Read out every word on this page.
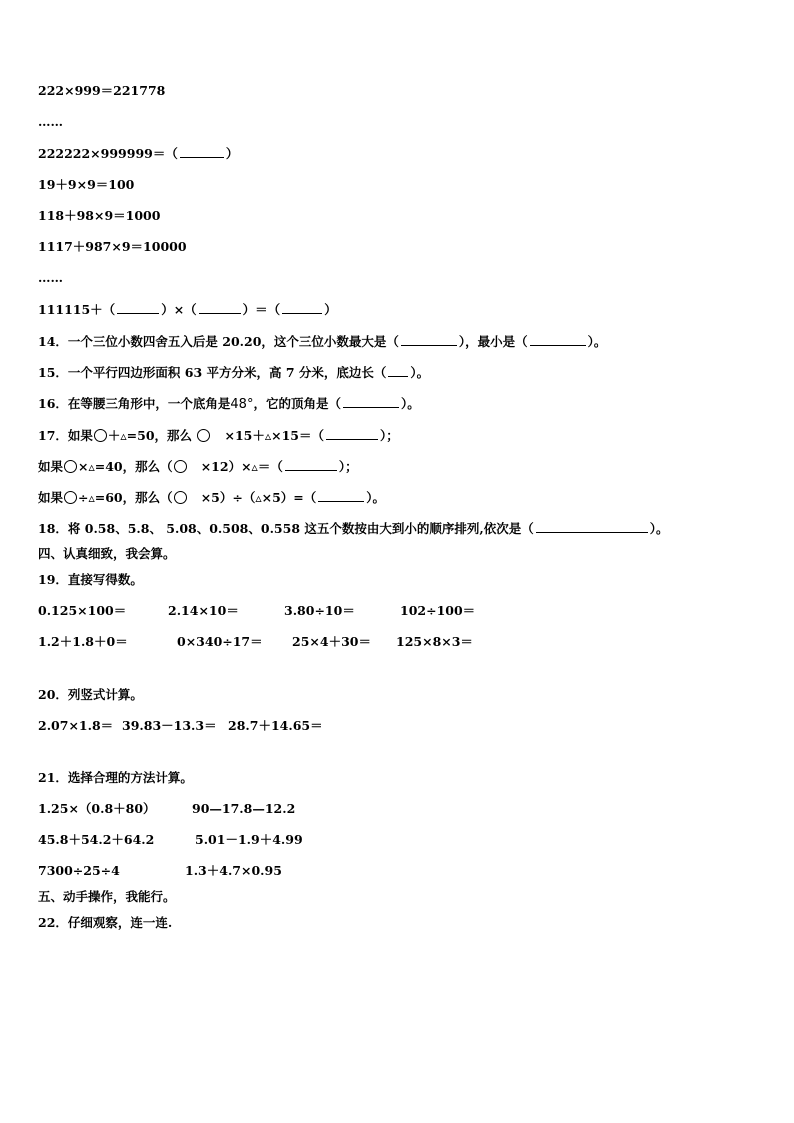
222×999＝221778
……
222222×999999＝（	）
19＋9×9＝100
118＋98×9＝1000
1117＋987×9＝10000
……
111115＋（	）×（	）＝（	）
14．一个三位小数四舍五入后是 20.20，这个三位小数最大是（	），最小是（	）。
15．一个平行四边形面积 63 平方分米，高 7 分米，底边长（ ）。
16．在等腰三角形中，一个底角是48°，它的顶角是（	）。
17．如果 ＋▵=50，那么	×15＋▵×15＝（	）；
如果 ×▵=40，那么（ ×12）×▵＝（	）；
如果 ÷▵=60，那么（ ×5）÷（▵×5）=（	）。
18．将 0.58、5.8、 5.08、0.508、0.558 这五个数按由大到小的顺序排列,依次是（	）。
四、认真细致，我会算。
19．直接写得数。
0.125×100＝	2.14×10＝	3.80÷10＝	102÷100＝
1.2＋1.8＋0＝	0×340÷17＝ 25×4＋30＝ 125×8×3＝
20．列竖式计算。
2.07×1.8＝ 39.83－13.3＝ 28.7＋14.65＝
21．选择合理的方法计算。
1.25×（0.8＋80）	90—17.8—12.2
45.8＋54.2＋64.2	5.01－1.9＋4.99
7300÷25÷4	1.3＋4.7×0.95
五、动手操作，我能行。
22．仔细观察，连一连.
